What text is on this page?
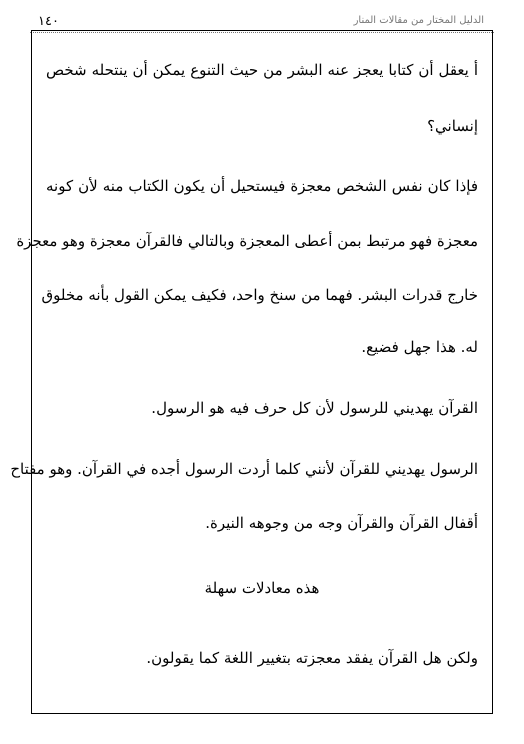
١٤٠	الدليل المختار من مقالات المنار
أ يعقل أن كتابا يعجز عنه البشر من حيث التنوع يمكن أن ينتحله شخص
إنساني؟
فإذا كان نفس الشخص معجزة فيستحيل أن يكون الكتاب منه لأن كونه
معجزة فهو مرتبط بمن أعطى المعجزة وبالتالي فالقرآن معجزة وهو معجزة
خارج قدرات البشر. فهما من سنخ واحد، فكيف يمكن القول بأنه مخلوق
له. هذا جهل فضيع.
القرآن يهديني للرسول لأن كل حرف فيه هو الرسول.
الرسول يهديني للقرآن لأنني كلما أردت الرسول أجده في القرآن. وهو مفتاح
أقفال القرآن والقرآن وجه من وجوهه النيرة.
هذه معادلات سهلة
ولكن هل القرآن يفقد معجزته بتغيير اللغة كما يقولون.
